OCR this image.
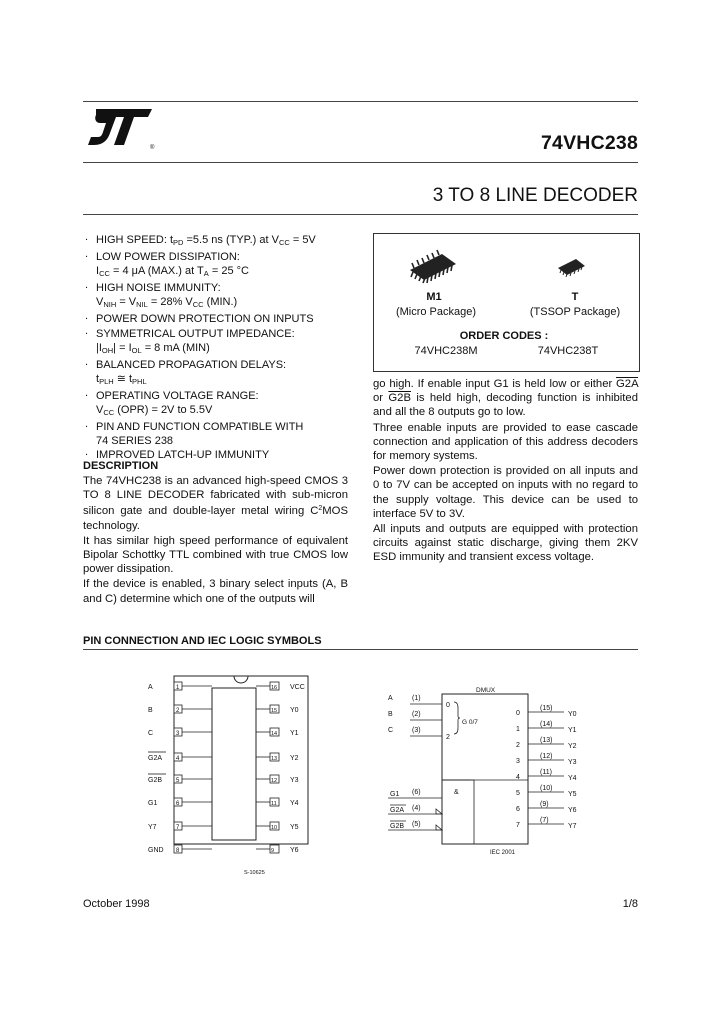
®	74VHC238
3 TO 8 LINE DECODER
. HIGH SPEED: $t_{PD} =5.5$ ns (TYP.) at $V_{CC} = 5V$
. LOW POWER DISSIPATION:
$I_{CC} = 4$ μA (MAX.) at $T_A = 25$ °C
. HIGH NOISE IMMUNITY:
$V_{NIH} = V_{NIL} = 28\%$ $V_{CC}$ (MIN.)
. POWER DOWN PROTECTION ON INPUTS
. SYMMETRICAL OUTPUT IMPEDANCE:
$|I_{OH}| = I_{OL} = 8$ mA (MIN)
. BALANCED PROPAGATION DELAYS:
$t_{PLH}$ ≅ $t_{PHL}$
. OPERATING VOLTAGE RANGE:
$V_{CC}$ (OPR) = 2V to 5.5V
. PIN AND FUNCTION COMPATIBLE WITH
74 SERIES 238
. IMPROVED LATCH-UP IMMUNITY
M1
(Micro Package)
T
(TSSOP Package)
ORDER CODES :
74VHC238M	74VHC238T
DESCRIPTION

The 74VHC238 is an advanced high-speed CMOS 3 TO 8 LINE DECODER fabricated with sub-micron silicon gate and double-layer metal wiring $C^2MOS$ technology.

It has similar high speed performance of equivalent Bipolar Schottky TTL combined with true CMOS low power dissipation.

If the device is enabled, 3 binary select inputs (A, B and C) determine which one of the outputs will

go high. If enable input G1 is held low or either G2A or G2B is held high, decoding function is inhibited and all the 8 outputs go to low.

Three enable inputs are provided to ease cascade connection and application of this address decoders for memory systems.

Power down protection is provided on all inputs and 0 to 7V can be accepted on inputs with no regard to the supply voltage. This device can be used to interface 5V to 3V.

All inputs and outputs are equipped with protection circuits against static discharge, giving them 2KV ESD immunity and transient excess voltage.

PIN CONNECTION AND IEC LOGIC SYMBOLS
A	1	16 VCC
B	2	15 Y0
C	3	14 Y1
G2A 4	13 Y2
G2B 5	12 Y3
G1	6	11 Y4
Y7	7	10 Y5
GND 8	9 Y6
S-10625
DMUX
A	(1)
0
B	(2)
C	(3)
2
G 0/7
G1 (6)
G2A (4)
G2B (5)
&
0
(15)
Y0
1
(14)
Y1
2
(13)
Y2
3
(12)
Y3
4
(11)
Y4
5
(10)
Y5
6
(9)
Y6
7
(7)
Y7
IEC 2001
October 1998	1/8
